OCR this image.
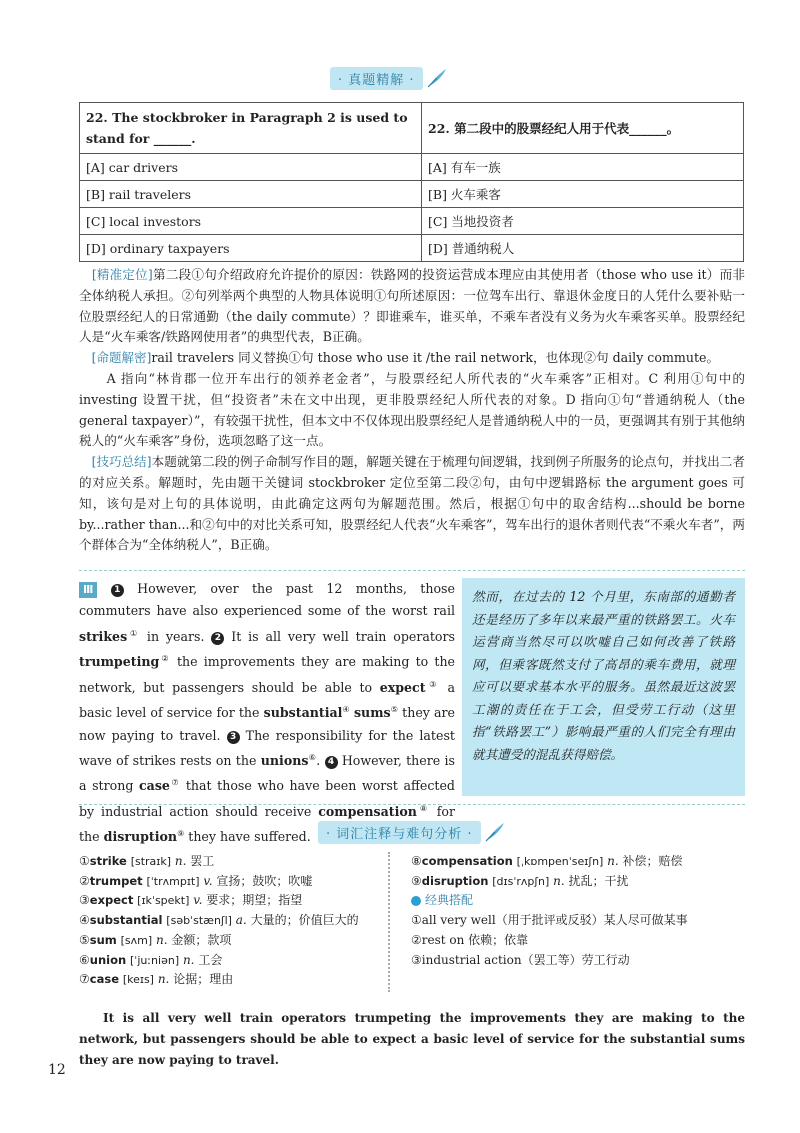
· 真题精解 ·
22. The stockbroker in Paragraph 2 is used to stand for ______.	22. 第二段中的股票经纪人用于代表______。
[A] car drivers	[A] 有车一族
[B] rail travelers	[B] 火车乘客
[C] local investors	[C] 当地投资者
[D] ordinary taxpayers	[D] 普通纳税人

　[精准定位]第二段①句介绍政府允许提价的原因：铁路网的投资运营成本理应由其使用者（those who use it）而非全体纳税人承担。②句列举两个典型的人物具体说明①句所述原因：一位驾车出行、靠退休金度日的人凭什么要补贴一位股票经纪人的日常通勤（the daily commute）？即谁乘车，谁买单，不乘车者没有义务为火车乘客买单。股票经纪人是“火车乘客/铁路网使用者”的典型代表，B正确。

　[命题解密]rail travelers 同义替换①句 those who use it /the rail network，也体现②句 daily commute。

　　A 指向“林肯郡一位开车出行的领养老金者”，与股票经纪人所代表的“火车乘客”正相对。C 利用①句中的 investing 设置干扰，但“投资者”未在文中出现，更非股票经纪人所代表的对象。D 指向①句“普通纳税人（the general taxpayer）”，有较强干扰性，但本文中不仅体现出股票经纪人是普通纳税人中的一员，更强调其有别于其他纳税人的“火车乘客”身份，选项忽略了这一点。

　[技巧总结]本题就第二段的例子命制写作目的题，解题关键在于梳理句间逻辑，找到例子所服务的论点句，并找出二者的对应关系。解题时，先由题干关键词 stockbroker 定位至第二段②句，由句中逻辑路标 the argument goes 可知，该句是对上句的具体说明，由此确定这两句为解题范围。然后，根据①句中的取舍结构...should be borne by...rather than...和②句中的对比关系可知，股票经纪人代表“火车乘客”，驾车出行的退休者则代表“不乘火车者”，两个群体合为“全体纳税人”，B正确。

Ⅲ 1 However, over the past 12 months, those commuters have also experienced some of the worst rail strikes① in years. 2 It is all very well train operators trumpeting② the improvements they are making to the network, but passengers should be able to expect③ a basic level of service for the substantial④ sums⑤ they are now paying to travel. 3 The responsibility for the latest wave of strikes rests on the unions⑥. 4 However, there is a strong case⑦ that those who have been worst affected by industrial action should receive compensation⑧ for the disruption⑨ they have suffered.
然而，在过去的 12 个月里，东南部的通勤者还是经历了多年以来最严重的铁路罢工。火车运营商当然尽可以吹嘘自己如何改善了铁路网，但乘客既然支付了高昂的乘车费用，就理应可以要求基本水平的服务。虽然最近这波罢工潮的责任在于工会，但受劳工行动（这里指“铁路罢工”）影响最严重的人们完全有理由就其遭受的混乱获得赔偿。
· 词汇注释与难句分析 ·
①strike [straɪk] n. 罢工
②trumpet [ˈtrʌmpɪt] v. 宣扬；鼓吹；吹嘘
③expect [ɪkˈspekt] v. 要求；期望；指望
④substantial [səbˈstænʃl] a. 大量的；价值巨大的
⑤sum [sʌm] n. 金额；款项
⑥union [ˈjuːniən] n. 工会
⑦case [keɪs] n. 论据；理由
⑧compensation [ˌkɒmpenˈseɪʃn] n. 补偿；赔偿
⑨disruption [dɪsˈrʌpʃn] n. 扰乱；干扰
经典搭配
①all very well（用于批评或反驳）某人尽可做某事
②rest on 依赖；依靠
③industrial action（罢工等）劳工行动
It is all very well train operators trumpeting the improvements they are making to the network, but passengers should be able to expect a basic level of service for the substantial sums they are now paying to travel.
12
